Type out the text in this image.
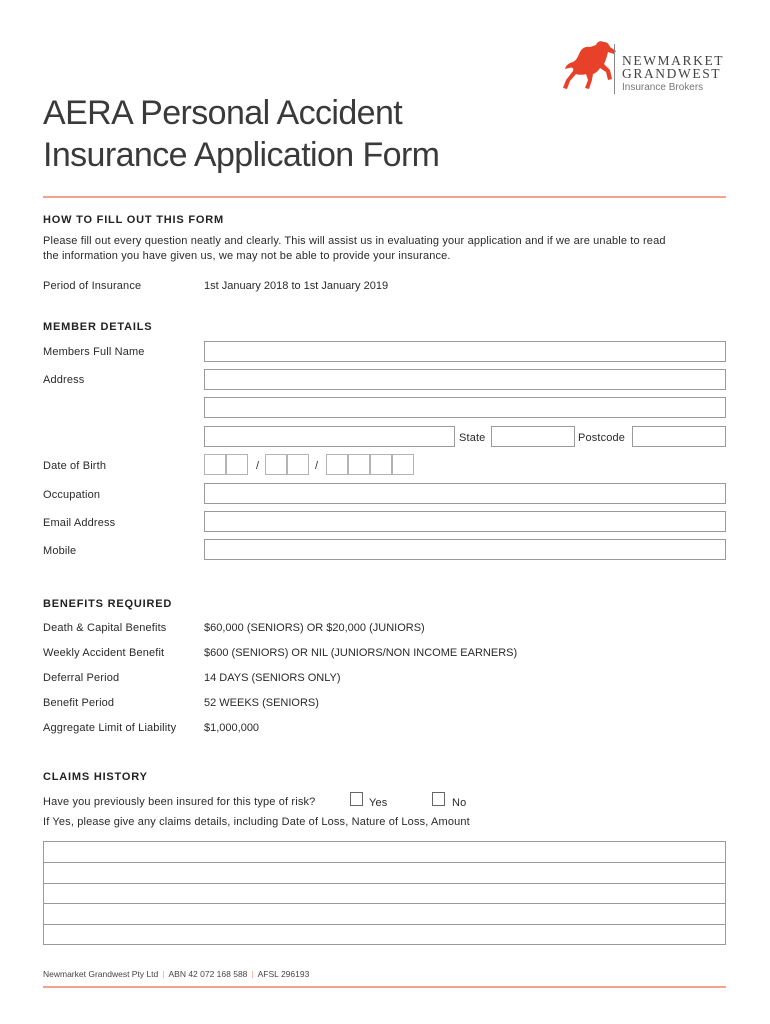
NEWMARKET
GRANDWEST
Insurance Brokers
AERA Personal Accident
Insurance Application Form
HOW TO FILL OUT THIS FORM
Please fill out every question neatly and clearly. This will assist us in evaluating your application and if we are unable to read
the information you have given us, we may not be able to provide your insurance.
Period of Insurance	1st January 2018 to 1st January 2019
MEMBER DETAILS
Members Full Name
Address
State	Postcode
Date of Birth	/	/
Occupation
Email Address
Mobile
BENEFITS REQUIRED
Death & Capital Benefits	$60,000 (SENIORS) OR $20,000 (JUNIORS)
Weekly Accident Benefit	$600 (SENIORS) OR NIL (JUNIORS/NON INCOME EARNERS)
Deferral Period	14 DAYS (SENIORS ONLY)
Benefit Period	52 WEEKS (SENIORS)
Aggregate Limit of Liability	$1,000,000
CLAIMS HISTORY
Have you previously been insured for this type of risk?	Yes	No
If Yes, please give any claims details, including Date of Loss, Nature of Loss, Amount
Newmarket Grandwest Pty Ltd | ABN 42 072 168 588 | AFSL 296193
